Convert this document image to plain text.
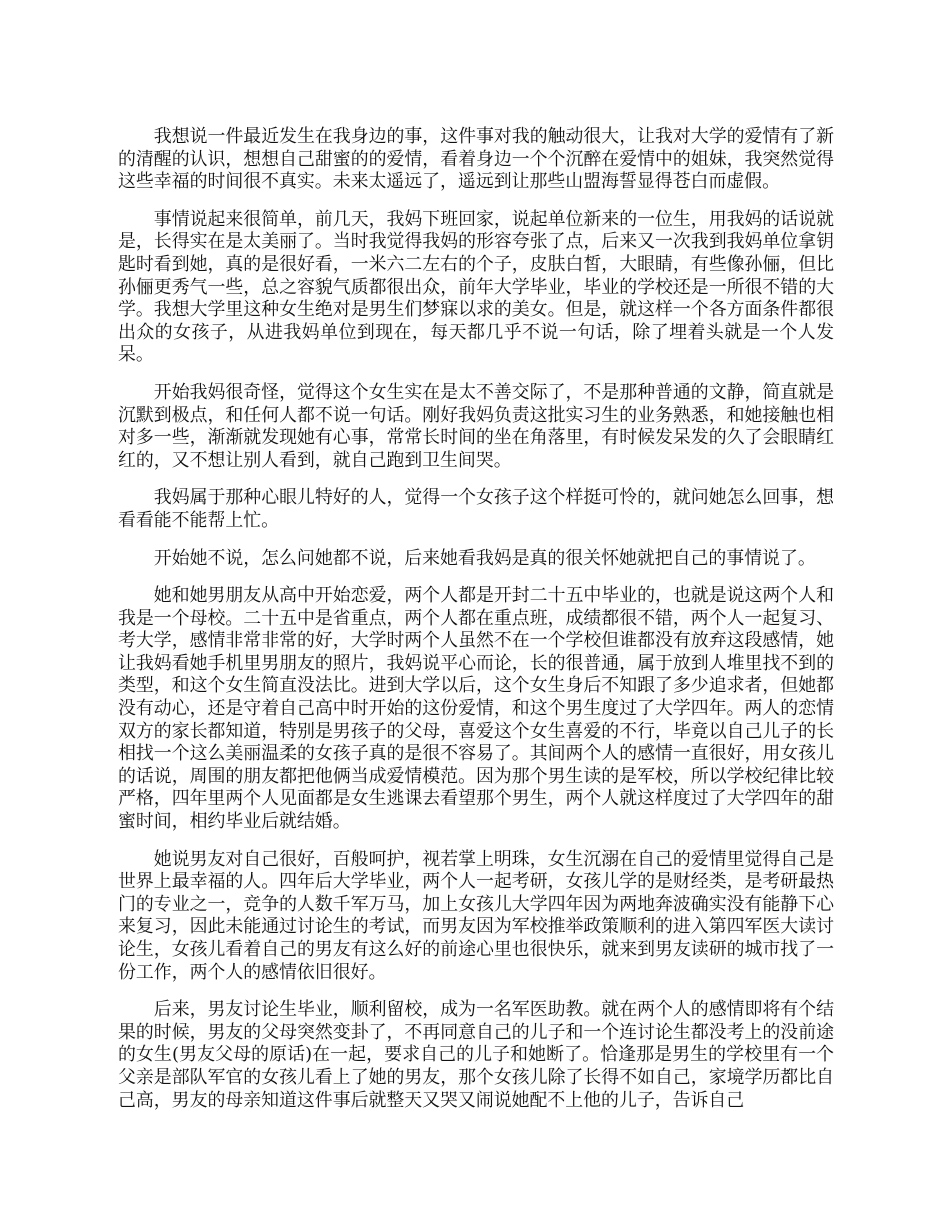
我想说一件最近发生在我身边的事，这件事对我的触动很大，让我对大学的爱情有了新的清醒的认识，想想自己甜蜜的的爱情，看着身边一个个沉醉在爱情中的姐妹，我突然觉得这些幸福的时间很不真实。未来太遥远了，遥远到让那些山盟海誓显得苍白而虚假。

事情说起来很简单，前几天，我妈下班回家，说起单位新来的一位生，用我妈的话说就是，长得实在是太美丽了。当时我觉得我妈的形容夸张了点，后来又一次我到我妈单位拿钥匙时看到她，真的是很好看，一米六二左右的个子，皮肤白皙，大眼睛，有些像孙俪，但比孙俪更秀气一些，总之容貌气质都很出众，前年大学毕业，毕业的学校还是一所很不错的大学。我想大学里这种女生绝对是男生们梦寐以求的美女。但是，就这样一个各方面条件都很出众的女孩子，从进我妈单位到现在，每天都几乎不说一句话，除了埋着头就是一个人发呆。

开始我妈很奇怪，觉得这个女生实在是太不善交际了，不是那种普通的文静，简直就是沉默到极点，和任何人都不说一句话。刚好我妈负责这批实习生的业务熟悉，和她接触也相对多一些，渐渐就发现她有心事，常常长时间的坐在角落里，有时候发呆发的久了会眼睛红红的，又不想让别人看到，就自己跑到卫生间哭。

我妈属于那种心眼儿特好的人，觉得一个女孩子这个样挺可怜的，就问她怎么回事，想看看能不能帮上忙。

开始她不说，怎么问她都不说，后来她看我妈是真的很关怀她就把自己的事情说了。

她和她男朋友从高中开始恋爱，两个人都是开封二十五中毕业的，也就是说这两个人和我是一个母校。二十五中是省重点，两个人都在重点班，成绩都很不错，两个人一起复习、考大学，感情非常非常的好，大学时两个人虽然不在一个学校但谁都没有放弃这段感情，她让我妈看她手机里男朋友的照片，我妈说平心而论，长的很普通，属于放到人堆里找不到的类型，和这个女生简直没法比。进到大学以后，这个女生身后不知跟了多少追求者，但她都没有动心，还是守着自己高中时开始的这份爱情，和这个男生度过了大学四年。两人的恋情双方的家长都知道，特别是男孩子的父母，喜爱这个女生喜爱的不行，毕竟以自己儿子的长相找一个这么美丽温柔的女孩子真的是很不容易了。其间两个人的感情一直很好，用女孩儿的话说，周围的朋友都把他俩当成爱情模范。因为那个男生读的是军校，所以学校纪律比较严格，四年里两个人见面都是女生逃课去看望那个男生，两个人就这样度过了大学四年的甜蜜时间，相约毕业后就结婚。

她说男友对自己很好，百般呵护，视若掌上明珠，女生沉溺在自己的爱情里觉得自己是世界上最幸福的人。四年后大学毕业，两个人一起考研，女孩儿学的是财经类，是考研最热门的专业之一，竞争的人数千军万马，加上女孩儿大学四年因为两地奔波确实没有能静下心来复习，因此未能通过讨论生的考试，而男友因为军校推举政策顺利的进入第四军医大读讨论生，女孩儿看着自己的男友有这么好的前途心里也很快乐，就来到男友读研的城市找了一份工作，两个人的感情依旧很好。

后来，男友讨论生毕业，顺利留校，成为一名军医助教。就在两个人的感情即将有个结果的时候，男友的父母突然变卦了，不再同意自己的儿子和一个连讨论生都没考上的没前途的女生(男友父母的原话)在一起，要求自己的儿子和她断了。恰逢那是男生的学校里有一个父亲是部队军官的女孩儿看上了她的男友，那个女孩儿除了长得不如自己，家境学历都比自己高，男友的母亲知道这件事后就整天又哭又闹说她配不上他的儿子，告诉自己
